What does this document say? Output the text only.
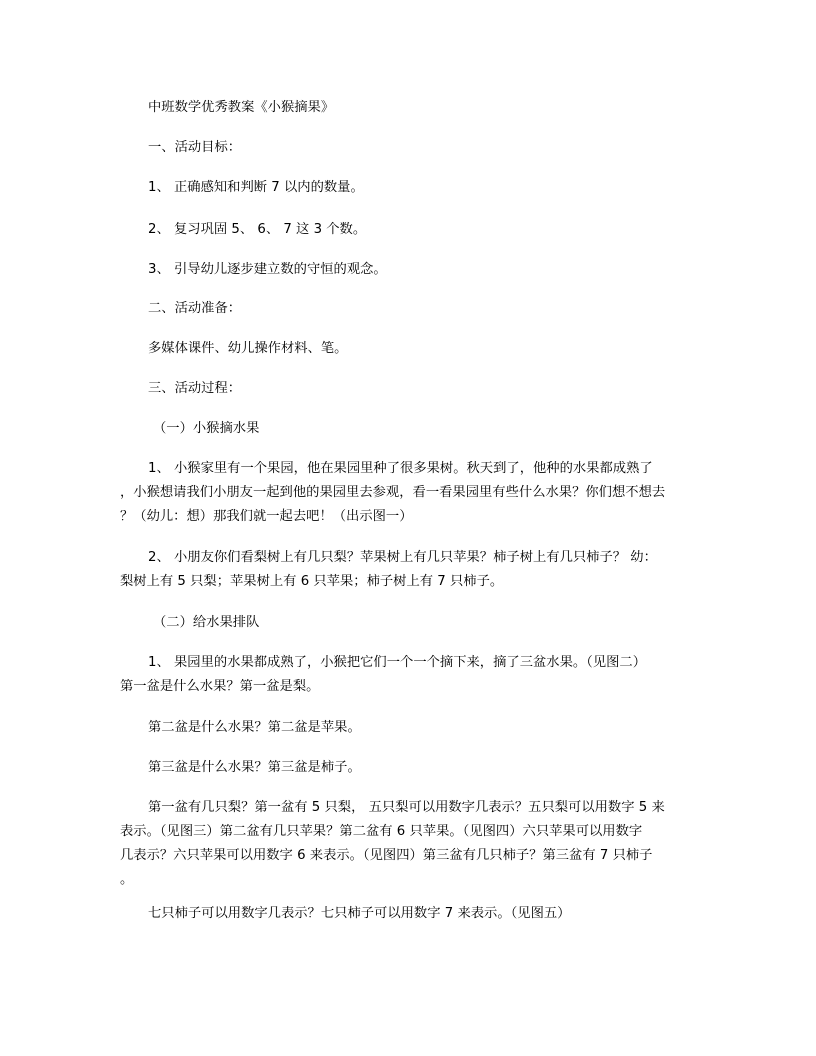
中班数学优秀教案《小猴摘果》

一、活动目标：

1、 正确感知和判断 7 以内的数量。

2、 复习巩固 5、 6、 7 这 3 个数。

3、 引导幼儿逐步建立数的守恒的观念。

二、活动准备：

多媒体课件、幼儿操作材料、笔。

三、活动过程：

（一）小猴摘水果

1、 小猴家里有一个果园，他在果园里种了很多果树。秋天到了，他种的水果都成熟了
，小猴想请我们小朋友一起到他的果园里去参观，看一看果园里有些什么水果？你们想不想去
？（幼儿：想）那我们就一起去吧！（出示图一）
2、 小朋友你们看梨树上有几只梨？苹果树上有几只苹果？柿子树上有几只柿子？ 幼：
梨树上有 5 只梨；苹果树上有 6 只苹果；柿子树上有 7 只柿子。

（二）给水果排队

1、 果园里的水果都成熟了，小猴把它们一个一个摘下来，摘了三盆水果。（见图二）
第一盆是什么水果？第一盆是梨。

第二盆是什么水果？第二盆是苹果。

第三盆是什么水果？第三盆是柿子。

第一盆有几只梨？第一盆有 5 只梨， 五只梨可以用数字几表示？五只梨可以用数字 5 来
表示。（见图三）第二盆有几只苹果？第二盆有 6 只苹果。（见图四）六只苹果可以用数字
几表示？六只苹果可以用数字 6 来表示。（见图四）第三盆有几只柿子？第三盆有 7 只柿子
。

七只柿子可以用数字几表示？七只柿子可以用数字 7 来表示。（见图五）
